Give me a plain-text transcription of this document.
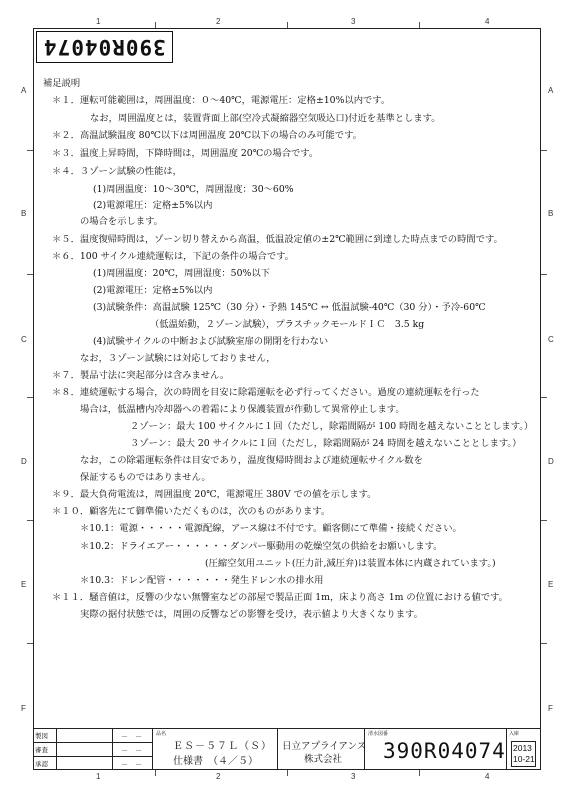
1	2	3	4
1	2	3	4
A
B
C
D
E
F
A
B
C
D
E
F
390R04074
補足説明
＊１．運転可能範囲は，周囲温度：０～40℃，電源電圧：定格±10%以内です。
なお，周囲温度とは，装置背面上部(空冷式凝縮器空気吸込口)付近を基準とします。
＊２．高温試験温度 80℃以下は周囲温度 20℃以下の場合のみ可能です。
＊３．温度上昇時間，下降時間は，周囲温度 20℃の場合です。
＊４．３ゾーン試験の性能は，
(1)周囲温度：10～30℃，周囲湿度：30～60%
(2)電源電圧：定格±5%以内
の場合を示します。
＊５．温度復帰時間は，ゾーン切り替えから高温，低温設定値の±2℃範囲に到達した時点までの時間です。
＊６．100 サイクル連続運転は，下記の条件の場合です。
(1)周囲温度：20℃，周囲湿度：50%以下
(2)電源電圧：定格±5%以内
(3)試験条件：高温試験 125℃（30 分）・予熱 145℃ ↔ 低温試験-40℃（30 分）・予冷-60℃
（低温始動，２ゾーン試験），プラスチックモールドＩＣ　3.5 kg
(4)試験サイクルの中断および試験室扉の開閉を行わない
なお，３ゾーン試験には対応しておりません，
＊７．製品寸法に突起部分は含みません。
＊８．連続運転する場合，次の時間を目安に除霜運転を必ず行ってください。過度の連続運転を行った
場合は，低温槽内冷却器への着霜により保護装置が作動して異常停止します。
２ゾーン：最大 100 サイクルに１回（ただし，除霜間隔が 100 時間を越えないこととします。）
３ゾーン：最大 20 サイクルに１回（ただし，除霜間隔が 24 時間を越えないこととします。）
なお，この除霜運転条件は目安であり，温度復帰時間および連続運転サイクル数を
保証するものではありません。
＊９．最大負荷電流は，周囲温度 20℃，電源電圧 380V での値を示します。
＊１０．顧客先にて御準備いただくものは，次のものがあります。
＊10.1：電源・・・・・電源配線，アース線は不付です。顧客側にて準備・接続ください。
＊10.2：ドライエアー・・・・・・ダンパー駆動用の乾燥空気の供給をお願いします。
(圧縮空気用ユニット(圧力計,減圧弁)は装置本体に内蔵されています。)
＊10.3：ドレン配管・・・・・・・発生ドレン水の排水用
＊１１．騒音値は，反響の少ない無響室などの部屋で製品正面 1m，床より高さ 1m の位置における値です。
実際の据付状態では，周囲の反響などの影響を受け，表示値より大きくなります。
製図
審査
承認
－　－
－　－
－　－
品名
ＥＳ－５７Ｌ（Ｓ）
仕様書　（４／５）
日立アプライアンス
株式会社
清水図番
390R04074
入庫
2013
10-21
